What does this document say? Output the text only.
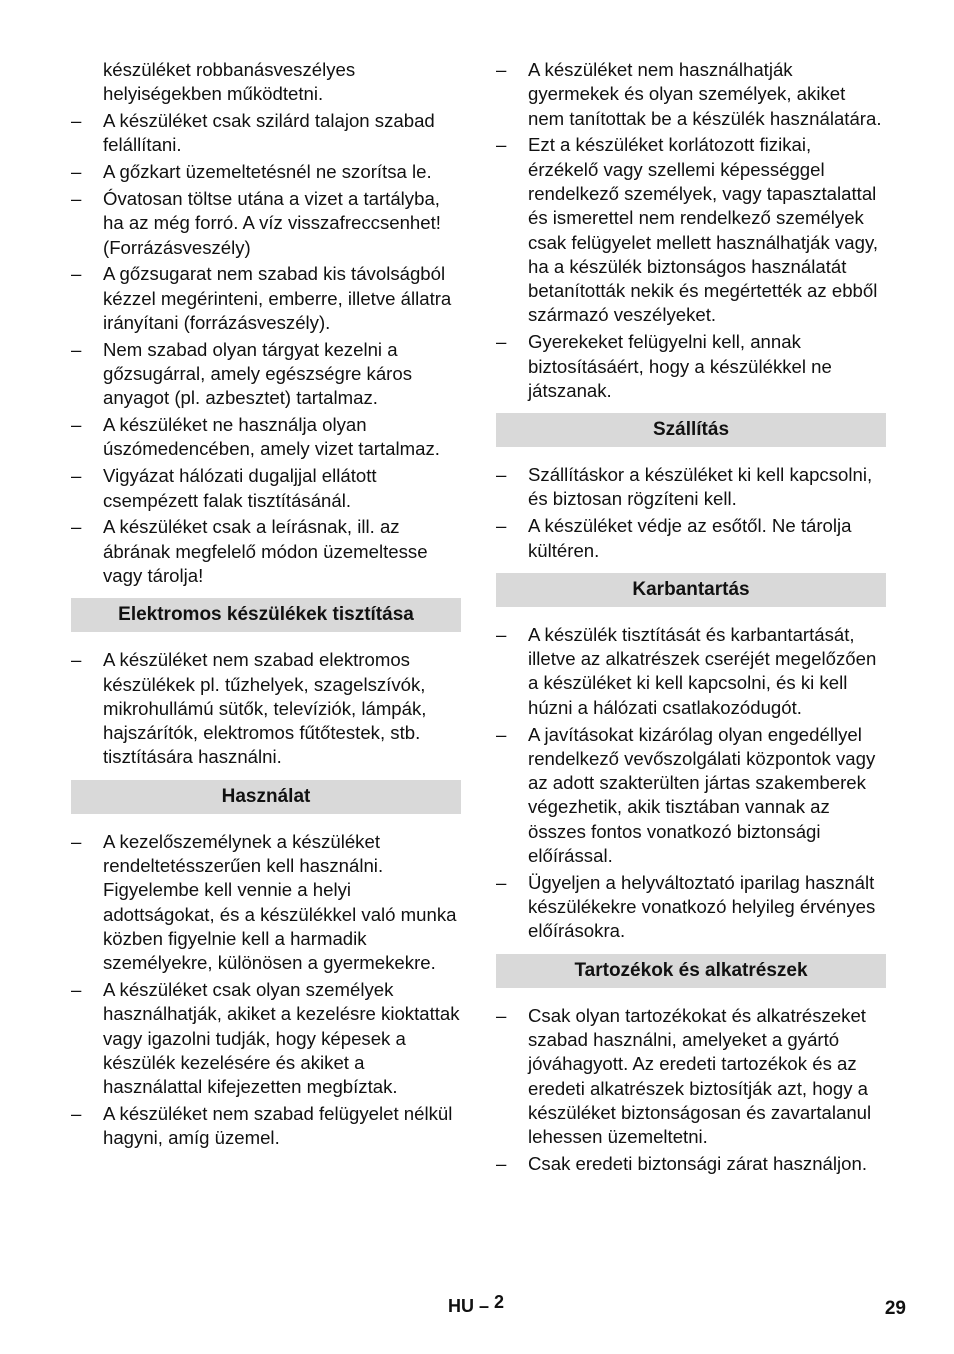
készüléket robbanásveszélyes helyiségekben működtetni.
–	A készüléket csak szilárd talajon szabad felállítani.
–	A gőzkart üzemeltetésnél ne szorítsa le.
–	Óvatosan töltse utána a vizet a tartályba, ha az még forró. A víz visszafreccsenhet! (Forrázásveszély)
–	A gőzsugarat nem szabad kis távolságból kézzel megérinteni, emberre, illetve állatra irányítani (forrázásveszély).
–	Nem szabad olyan tárgyat kezelni a gőzsugárral, amely egészségre káros anyagot (pl. azbesztet) tartalmaz.
–	A készüléket ne használja olyan úszómedencében, amely vizet tartalmaz.
–	Vigyázat hálózati dugaljjal ellátott csempézett falak tisztításánál.
–	A készüléket csak a leírásnak, ill. az ábrának megfelelő módon üzemeltesse vagy tárolja!
Elektromos készülékek tisztítása
–	A készüléket nem szabad elektromos készülékek pl. tűzhelyek, szagelszívók, mikrohullámú sütők, televíziók, lámpák, hajszárítók, elektromos fűtőtestek, stb. tisztítására használni.
Használat
–	A kezelőszemélynek a készüléket rendeltetésszerűen kell használni. Figyelembe kell vennie a helyi adottságokat, és a készülékkel való munka közben figyelnie kell a harmadik személyekre, különösen a gyermekekre.
–	A készüléket csak olyan személyek használhatják, akiket a kezelésre kioktattak vagy igazolni tudják, hogy képesek a készülék kezelésére és akiket a használattal kifejezetten megbíztak.
–	A készüléket nem szabad felügyelet nélkül hagyni, amíg üzemel.
–	A készüléket nem használhatják gyermekek és olyan személyek, akiket nem tanítottak be a készülék használatára.
–	Ezt a készüléket korlátozott fizikai, érzékelő vagy szellemi képességgel rendelkező személyek, vagy tapasztalattal és ismerettel nem rendelkező személyek csak felügyelet mellett használhatják vagy, ha a készülék biztonságos használatát betanították nekik és megértették az ebből származó veszélyeket.
–	Gyerekeket felügyelni kell, annak biztosításáért, hogy a készülékkel ne játszanak.
Szállítás
–	Szállításkor a készüléket ki kell kapcsolni, és biztosan rögzíteni kell.
–	A készüléket védje az esőtől. Ne tárolja kültéren.
Karbantartás
–	A készülék tisztítását és karbantartását, illetve az alkatrészek cseréjét megelőzően a készüléket ki kell kapcsolni, és ki kell húzni a hálózati csatlakozódugót.
–	A javításokat kizárólag olyan engedéllyel rendelkező vevőszolgálati központok vagy az adott szakterülten jártas szakemberek végezhetik, akik tisztában vannak az összes fontos vonatkozó biztonsági előírással.
–	Ügyeljen a helyváltoztató iparilag használt készülékekre vonatkozó helyileg érvényes előírásokra.
Tartozékok és alkatrészek
–	Csak olyan tartozékokat és alkatrészeket szabad használni, amelyeket a gyártó jóváhagyott. Az eredeti tartozékok és az eredeti alkatrészek biztosítják azt, hogy a készüléket biztonságosan és zavartalanul lehessen üzemeltetni.
–	Csak eredeti biztonsági zárat használjon.
HU – 2	29
